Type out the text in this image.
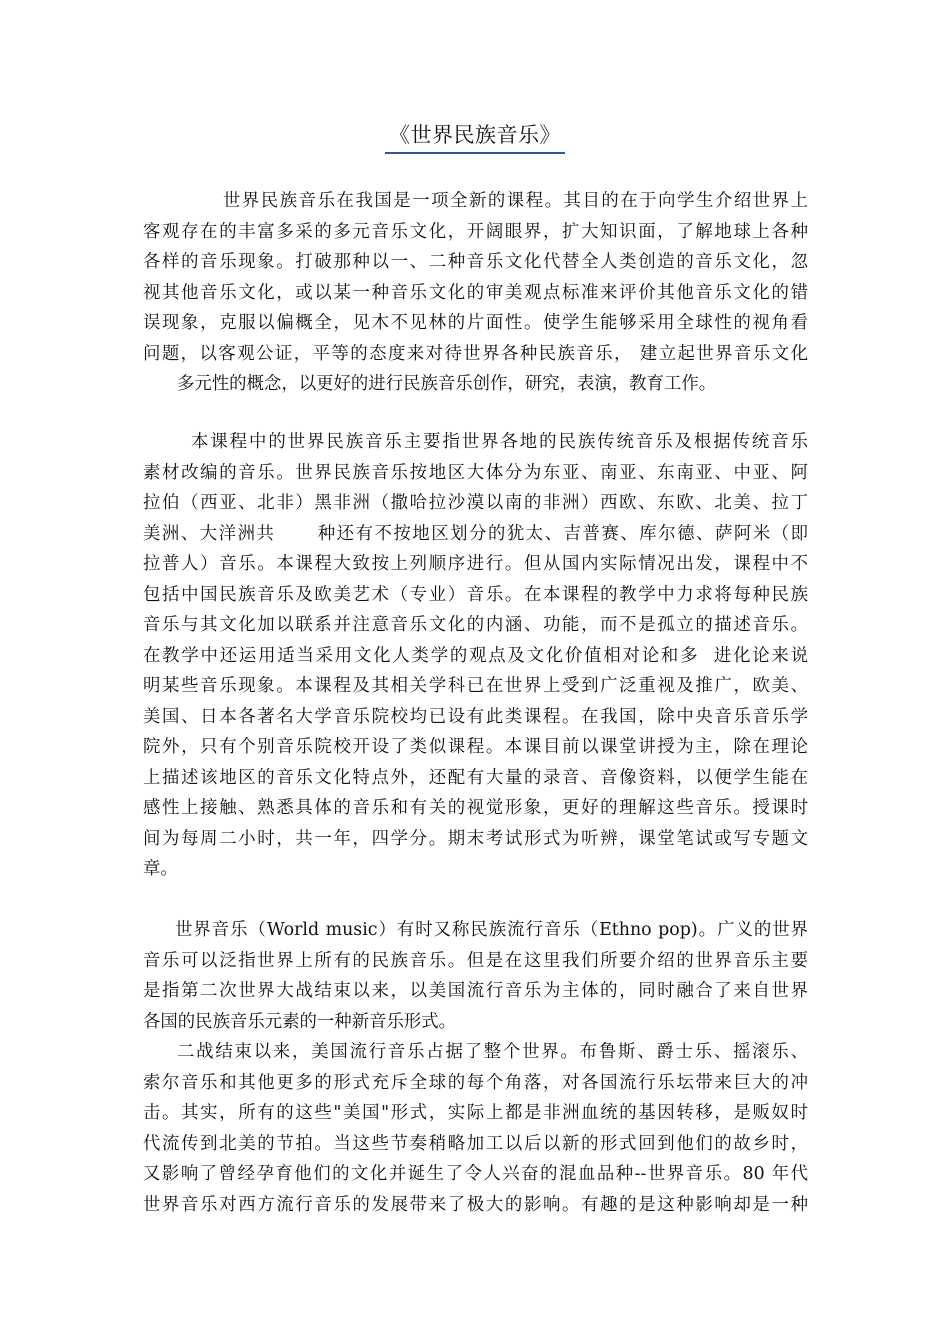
《世界民族音乐》
世界民族音乐在我国是一项全新的课程。其目的在于向学生介绍世界上
客观存在的丰富多采的多元音乐文化，开阔眼界，扩大知识面，了解地球上各种
各样的音乐现象。打破那种以一、二种音乐文化代替全人类创造的音乐文化，忽
视其他音乐文化，或以某一种音乐文化的审美观点标准来评价其他音乐文化的错
误现象，克服以偏概全，见木不见林的片面性。使学生能够采用全球性的视角看
问题，以客观公证，平等的态度来对待世界各种民族音乐， 建立起世界音乐文化
多元性的概念，以更好的进行民族音乐创作，研究，表演，教育工作。
本课程中的世界民族音乐主要指世界各地的民族传统音乐及根据传统音乐
素材改编的音乐。世界民族音乐按地区大体分为东亚、南亚、东南亚、中亚、阿
拉伯（西亚、北非）黑非洲（撒哈拉沙漠以南的非洲）西欧、东欧、北美、拉丁
美洲、大洋洲共      种还有不按地区划分的犹太、吉普赛、库尔德、萨阿米（即
拉普人）音乐。本课程大致按上列顺序进行。但从国内实际情况出发，课程中不
包括中国民族音乐及欧美艺术（专业）音乐。在本课程的教学中力求将每种民族
音乐与其文化加以联系并注意音乐文化的内涵、功能，而不是孤立的描述音乐。
在教学中还运用适当采用文化人类学的观点及文化价值相对论和多  进化论来说
明某些音乐现象。本课程及其相关学科已在世界上受到广泛重视及推广，欧美、
美国、日本各著名大学音乐院校均已设有此类课程。在我国，除中央音乐音乐学
院外，只有个别音乐院校开设了类似课程。本课目前以课堂讲授为主，除在理论
上描述该地区的音乐文化特点外，还配有大量的录音、音像资料，以便学生能在
感性上接触、熟悉具体的音乐和有关的视觉形象，更好的理解这些音乐。授课时
间为每周二小时，共一年，四学分。期末考试形式为听辨，课堂笔试或写专题文
章。
世界音乐（World music）有时又称民族流行音乐（Ethno pop)。广义的世界
音乐可以泛指世界上所有的民族音乐。但是在这里我们所要介绍的世界音乐主要
是指第二次世界大战结束以来，以美国流行音乐为主体的，同时融合了来自世界
各国的民族音乐元素的一种新音乐形式。
二战结束以来，美国流行音乐占据了整个世界。布鲁斯、爵士乐、摇滚乐、
索尔音乐和其他更多的形式充斥全球的每个角落，对各国流行乐坛带来巨大的冲
击。其实，所有的这些"美国"形式，实际上都是非洲血统的基因转移，是贩奴时
代流传到北美的节拍。当这些节奏稍略加工以后以新的形式回到他们的故乡时，
又影响了曾经孕育他们的文化并诞生了令人兴奋的混血品种--世界音乐。80 年代
世界音乐对西方流行音乐的发展带来了极大的影响。有趣的是这种影响却是一种
